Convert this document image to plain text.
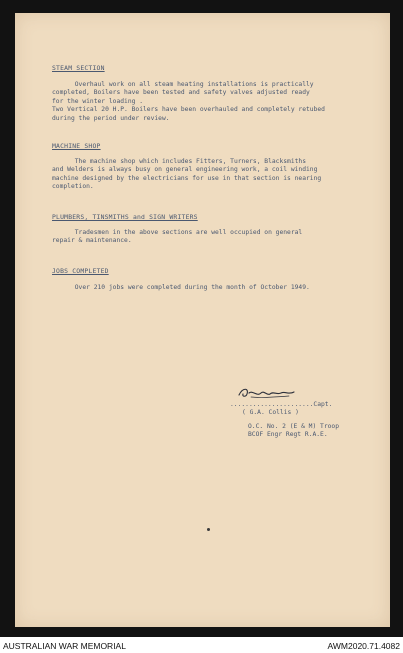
STEAM SECTION
Overhaul work on all steam heating installations is practically
completed, Boilers have been tested and safety valves adjusted ready
for the winter loading .
Two Vertical 20 H.P. Boilers have been overhauled and completely retubed
during the period under review.
MACHINE SHOP
The machine shop which includes Fitters, Turners, Blacksmiths
and Welders is always busy on general engineering work, a coil winding
machine designed by the electricians for use in that section is nearing
completion.
PLUMBERS, TINSMITHS and SIGN WRITERS
Tradesmen in the above sections are well occupied on general
repair & maintenance.
JOBS COMPLETED
Over 210 jobs were completed during the month of October 1949.
......................Capt.
( G.A. Collis )
O.C. No. 2 (E & M) Troop
BCOF Engr Regt R.A.E.
AUSTRALIAN WAR MEMORIAL	AWM2020.71.4082
